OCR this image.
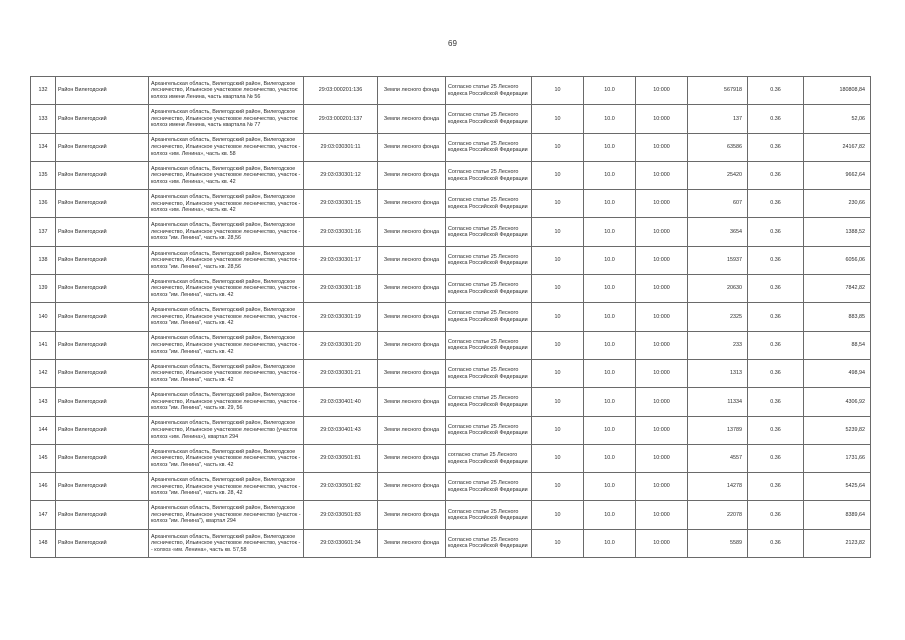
69
132	Район Вилегодский	Архангельская область, Вилегодский район, Вилегодское лесничество, Ильинское участковое лесничество, участок: колхоз имени Ленина, часть квартала № 56	29:03:000201:136	Земли лесного фонда	Согласно статье 25 Лесного кодекса Российской Федерации	10	10.0	10:000	567918	0.36	180808,84
133	Район Вилегодский	Архангельская область, Вилегодский район, Вилегодское лесничество, Ильинское участковое лесничество, участок: колхоз имени Ленина, часть квартала № 77	29:03:000201:137	Земли лесного фонда	Согласно статье 25 Лесного кодекса Российской Федерации	10	10.0	10:000	137	0.36	52,06
134	Район Вилегодский	Архангельская область, Вилегодский район, Вилегодское лесничество, Ильинское участковое лесничество, участок - колхоз «им. Ленина», часть кв. 58	29:03:030301:11	Земли лесного фонда	Согласно статье 25 Лесного кодекса Российской Федерации	10	10.0	10:000	63586	0.36	24167,82
135	Район Вилегодский	Архангельская область, Вилегодский район, Вилегодское лесничество, Ильинское участковое лесничество, участок - колхоз «им. Ленина», часть кв. 42	29:03:030301:12	Земли лесного фонда	Согласно статье 25 Лесного кодекса Российской Федерации	10	10.0	10:000	25420	0.36	9662,64
136	Район Вилегодский	Архангельская область, Вилегодский район, Вилегодское лесничество, Ильинское участковое лесничество, участок - колхоз «им. Ленина», часть кв. 42	29:03:030301:15	Земли лесного фонда	Согласно статье 25 Лесного кодекса Российской Федерации	10	10.0	10:000	607	0.36	230,66
137	Район Вилегодский	Архангельская область, Вилегодский район, Вилегодское лесничество, Ильинское участковое лесничество, участок - колхоз "им. Ленина", часть кв. 28,56	29:03:030301:16	Земли лесного фонда	Согласно статье 25 Лесного кодекса Российской Федерации	10	10.0	10:000	3654	0.36	1388,52
138	Район Вилегодский	Архангельская область, Вилегодский район, Вилегодское лесничество, Ильинское участковое лесничество, участок - колхоз "им. Ленина", часть кв. 28,56	29:03:030301:17	Земли лесного фонда	Согласно статье 25 Лесного кодекса Российской Федерации	10	10.0	10:000	15937	0.36	6056,06
139	Район Вилегодский	Архангельская область, Вилегодский район, Вилегодское лесничество, Ильинское участковое лесничество, участок - колхоз "им. Ленина", часть кв. 42	29:03:030301:18	Земли лесного фонда	Согласно статье 25 Лесного кодекса Российской Федерации	10	10.0	10:000	20630	0.36	7842,82
140	Район Вилегодский	Архангельская область, Вилегодский район, Вилегодское лесничество, Ильинское участковое лесничество, участок - колхоз "им. Ленина", часть кв. 42	29:03:030301:19	Земли лесного фонда	Согласно статье 25 Лесного кодекса Российской Федерации	10	10.0	10:000	2325	0.36	883,85
141	Район Вилегодский	Архангельская область, Вилегодский район, Вилегодское лесничество, Ильинское участковое лесничество, участок - колхоз "им. Ленина", часть кв. 42	29:03:030301:20	Земли лесного фонда	Согласно статье 25 Лесного кодекса Российской Федерации	10	10.0	10:000	233	0.36	88,54
142	Район Вилегодский	Архангельская область, Вилегодский район, Вилегодское лесничество, Ильинское участковое лесничество, участок - колхоз "им. Ленина", часть кв. 42	29:03:030301:21	Земли лесного фонда	Согласно статье 25 Лесного кодекса Российской Федерации	10	10.0	10:000	1313	0.36	498,94
143	Район Вилегодский	Архангельская область, Вилегодский район, Вилегодское лесничество, Ильинское участковое лесничество, участок - колхоз "им. Ленина", часть кв. 29, 56	29:03:030401:40	Земли лесного фонда	Согласно статье 25 Лесного кодекса Российской Федерации	10	10.0	10:000	11334	0.36	4306,92
144	Район Вилегодский	Архангельская область, Вилегодский район, Вилегодское лесничество, Ильинское участковое лесничество (участок колхоз «им. Ленина»), квартал 294	29:03:030401:43	Земли лесного фонда	Согласно статье 25 Лесного кодекса Российской Федерации	10	10.0	10:000	13789	0.36	5239,82
145	Район Вилегодский	Архангельская область, Вилегодский район, Вилегодское лесничество, Ильинское участковое лесничество, участок - колхоз "им. Ленина", часть кв. 42	29:03:030501:81	Земли лесного фонда	согласно статье 25 Лесного кодекса Российской Федерации	10	10.0	10:000	4557	0.36	1731,66
146	Район Вилегодский	Архангельская область, Вилегодский район, Вилегодское лесничество, Ильинское участковое лесничество, участок - колхоз "им. Ленина", часть кв. 28, 42	29:03:030501:82	Земли лесного фонда	Согласно статье 25 Лесного кодекса Российской Федерации	10	10.0	10:000	14278	0.36	5425,64
147	Район Вилегодский	Архангельская область, Вилегодский район, Вилегодское лесничество, Ильинское участковое лесничество (участок - колхоз "им. Ленина"), квартал 294	29:03:030501:83	Земли лесного фонда	Согласно статье 25 Лесного кодекса Российской Федерации	10	10.0	10:000	22078	0.36	8389,64
148	Район Вилегодский	Архангельская область, Вилегодский район, Вилегодское лесничество, Ильинское участковое лесничество, участок -- колхоз «им. Ленина», часть кв. 57,58	29:03:030601:34	Земли лесного фонда	Согласно статье 25 Лесного кодекса Российской Федерации	10	10.0	10:000	5589	0.36	2123,82
